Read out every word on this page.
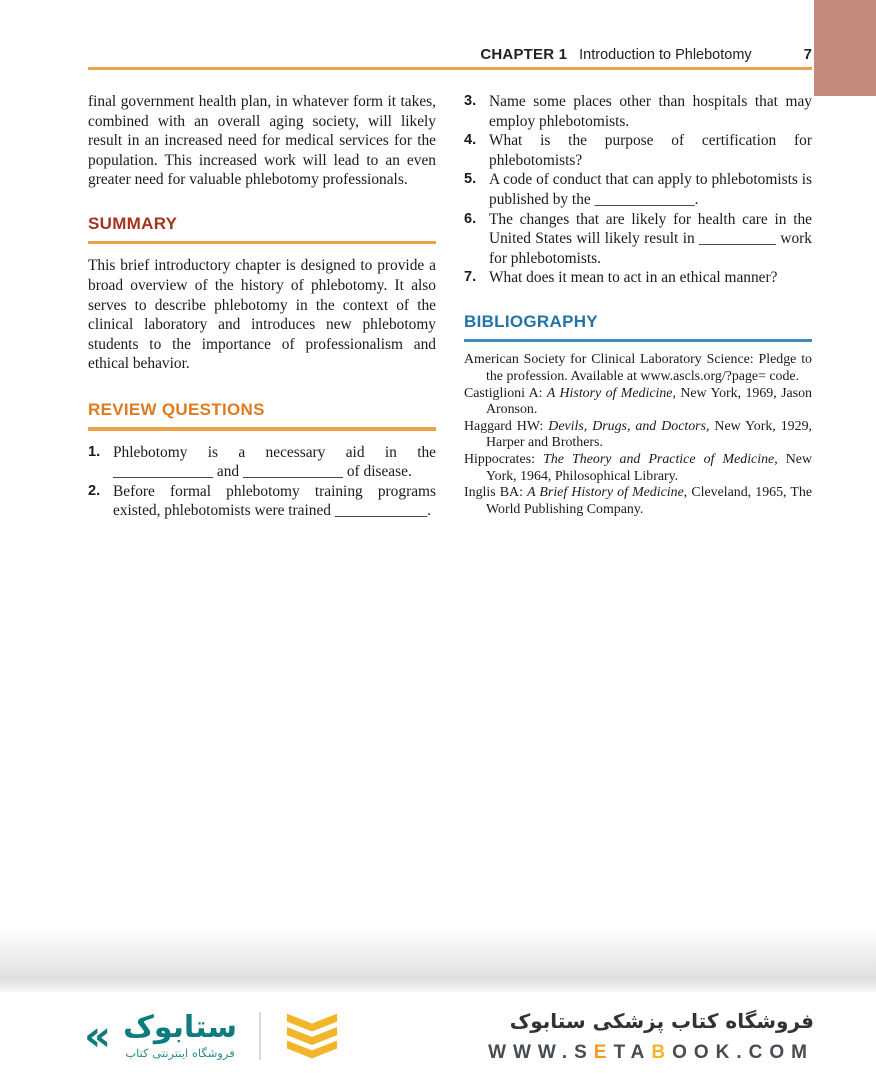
CHAPTER 1 Introduction to Phlebotomy	7

final government health plan, in whatever form it takes, combined with an overall aging society, will likely result in an increased need for medical services for the population. This increased work will lead to an even greater need for valuable phlebotomy professionals.

SUMMARY

This brief introductory chapter is designed to provide a broad overview of the history of phlebotomy. It also serves to describe phlebotomy in the context of the clinical laboratory and introduces new phlebotomy students to the importance of professionalism and ethical behavior.

REVIEW QUESTIONS
1. Phlebotomy is a necessary aid in the _____________ and _____________ of disease.
2. Before formal phlebotomy training programs existed, phlebotomists were trained ____________.
3. Name some places other than hospitals that may employ phlebotomists.
4. What is the purpose of certification for phlebotomists?
5. A code of conduct that can apply to phlebotomists is published by the _____________.
6. The changes that are likely for health care in the United States will likely result in __________ work for phlebotomists.
7. What does it mean to act in an ethical manner?
BIBLIOGRAPHY

American Society for Clinical Laboratory Science: Pledge to the profession. Available at www.ascls.org/?page= code.

Castiglioni A: A History of Medicine, New York, 1969, Jason Aronson.

Haggard HW: Devils, Drugs, and Doctors, New York, 1929, Harper and Brothers.

Hippocrates: The Theory and Practice of Medicine, New York, 1964, Philosophical Library.

Inglis BA: A Brief History of Medicine, Cleveland, 1965, The World Publishing Company.

« ستابوک
فروشگاه اینترنتی کتاب
فروشگاه کتاب پزشکی ستابوک
WWW.SETABOOK.COM
